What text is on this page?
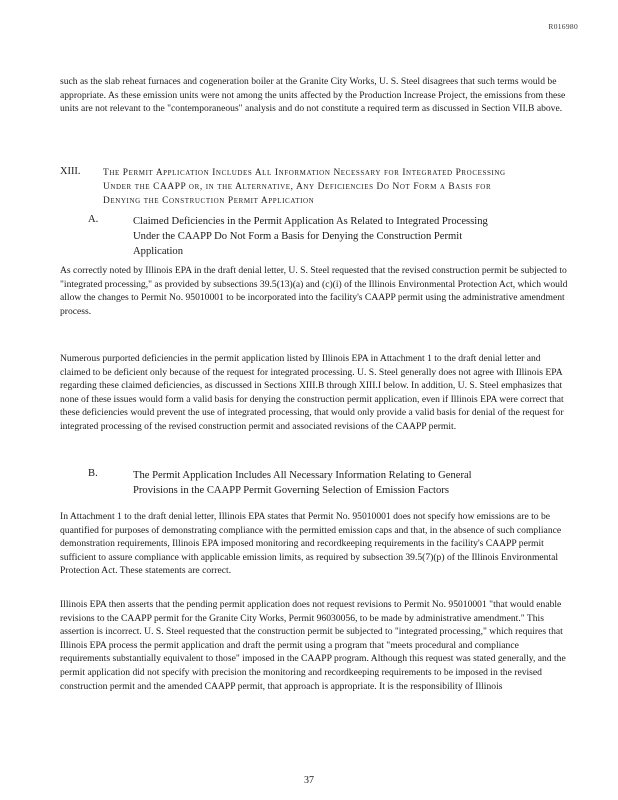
R016980

such as the slab reheat furnaces and cogeneration boiler at the Granite City Works, U. S. Steel disagrees that such terms would be appropriate. As these emission units were not among the units affected by the Production Increase Project, the emissions from these units are not relevant to the "contemporaneous" analysis and do not constitute a required term as discussed in Section VII.B above.

XIII. The Permit Application Includes All Information Necessary for Integrated Processing Under the CAAPP or, in the Alternative, Any Deficiencies Do Not Form a Basis for Denying the Construction Permit Application
A.	Claimed Deficiencies in the Permit Application As Related to Integrated Processing Under the CAAPP Do Not Form a Basis for Denying the Construction Permit Application

As correctly noted by Illinois EPA in the draft denial letter, U. S. Steel requested that the revised construction permit be subjected to "integrated processing," as provided by subsections 39.5(13)(a) and (c)(i) of the Illinois Environmental Protection Act, which would allow the changes to Permit No. 95010001 to be incorporated into the facility's CAAPP permit using the administrative amendment process.

Numerous purported deficiencies in the permit application listed by Illinois EPA in Attachment 1 to the draft denial letter and claimed to be deficient only because of the request for integrated processing. U. S. Steel generally does not agree with Illinois EPA regarding these claimed deficiencies, as discussed in Sections XIII.B through XIII.I below. In addition, U. S. Steel emphasizes that none of these issues would form a valid basis for denying the construction permit application, even if Illinois EPA were correct that these deficiencies would prevent the use of integrated processing, that would only provide a valid basis for denial of the request for integrated processing of the revised construction permit and associated revisions of the CAAPP permit.

B.	The Permit Application Includes All Necessary Information Relating to General Provisions in the CAAPP Permit Governing Selection of Emission Factors

In Attachment 1 to the draft denial letter, Illinois EPA states that Permit No. 95010001 does not specify how emissions are to be quantified for purposes of demonstrating compliance with the permitted emission caps and that, in the absence of such compliance demonstration requirements, Illinois EPA imposed monitoring and recordkeeping requirements in the facility's CAAPP permit sufficient to assure compliance with applicable emission limits, as required by subsection 39.5(7)(p) of the Illinois Environmental Protection Act. These statements are correct.

Illinois EPA then asserts that the pending permit application does not request revisions to Permit No. 95010001 "that would enable revisions to the CAAPP permit for the Granite City Works, Permit 96030056, to be made by administrative amendment." This assertion is incorrect. U. S. Steel requested that the construction permit be subjected to "integrated processing," which requires that Illinois EPA process the permit application and draft the permit using a program that "meets procedural and compliance requirements substantially equivalent to those" imposed in the CAAPP program. Although this request was stated generally, and the permit application did not specify with precision the monitoring and recordkeeping requirements to be imposed in the revised construction permit and the amended CAAPP permit, that approach is appropriate. It is the responsibility of Illinois

37
